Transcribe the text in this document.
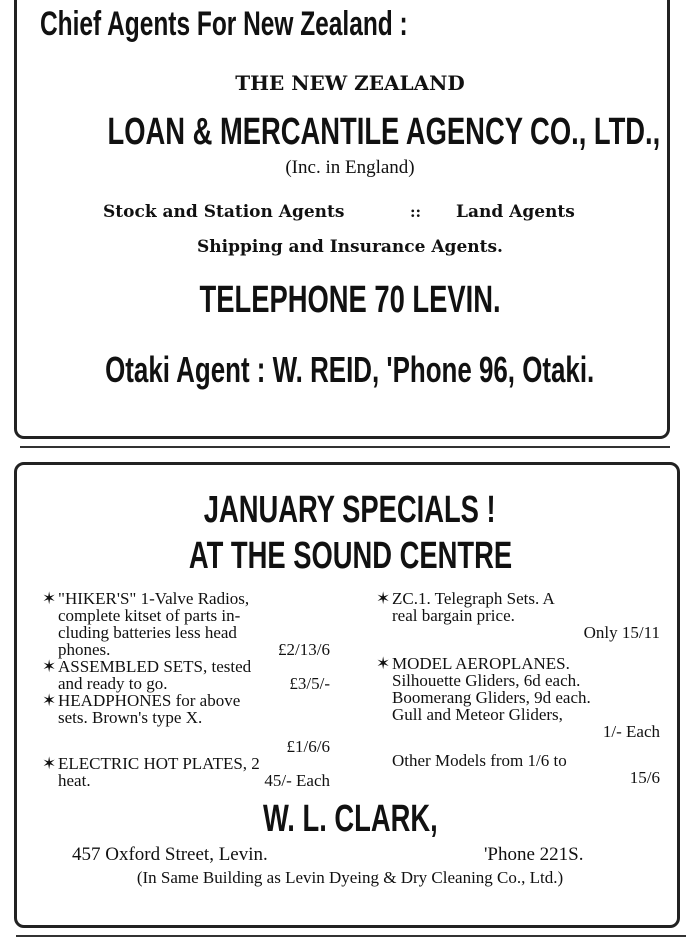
Chief Agents For New Zealand :
THE NEW ZEALAND
LOAN & MERCANTILE AGENCY CO., LTD.,
(Inc. in England)
Stock and Station Agents	:: Land Agents
Shipping and Insurance Agents.
TELEPHONE 70 LEVIN.
Otaki Agent : W. REID, 'Phone 96, Otaki.
JANUARY SPECIALS !
AT THE SOUND CENTRE
✶ "HIKER'S" 1-Valve Radios,
complete kitset of parts in-
cluding batteries less head
phones.	£2/13/6
✶ ASSEMBLED SETS, tested
and ready to go.	£3/5/-
✶ HEADPHONES for above
sets. Brown's type X.
£1/6/6
✶ ELECTRIC HOT PLATES, 2
heat.	45/- Each
✶ ZC.1. Telegraph Sets. A
real bargain price.
Only 15/11
✶ MODEL AEROPLANES.
Silhouette Gliders, 6d each.
Boomerang Gliders, 9d each.
Gull and Meteor Gliders,
1/- Each
Other Models from 1/6 to
15/6
W. L. CLARK,
457 Oxford Street, Levin.	'Phone 221S.
(In Same Building as Levin Dyeing & Dry Cleaning Co., Ltd.)
